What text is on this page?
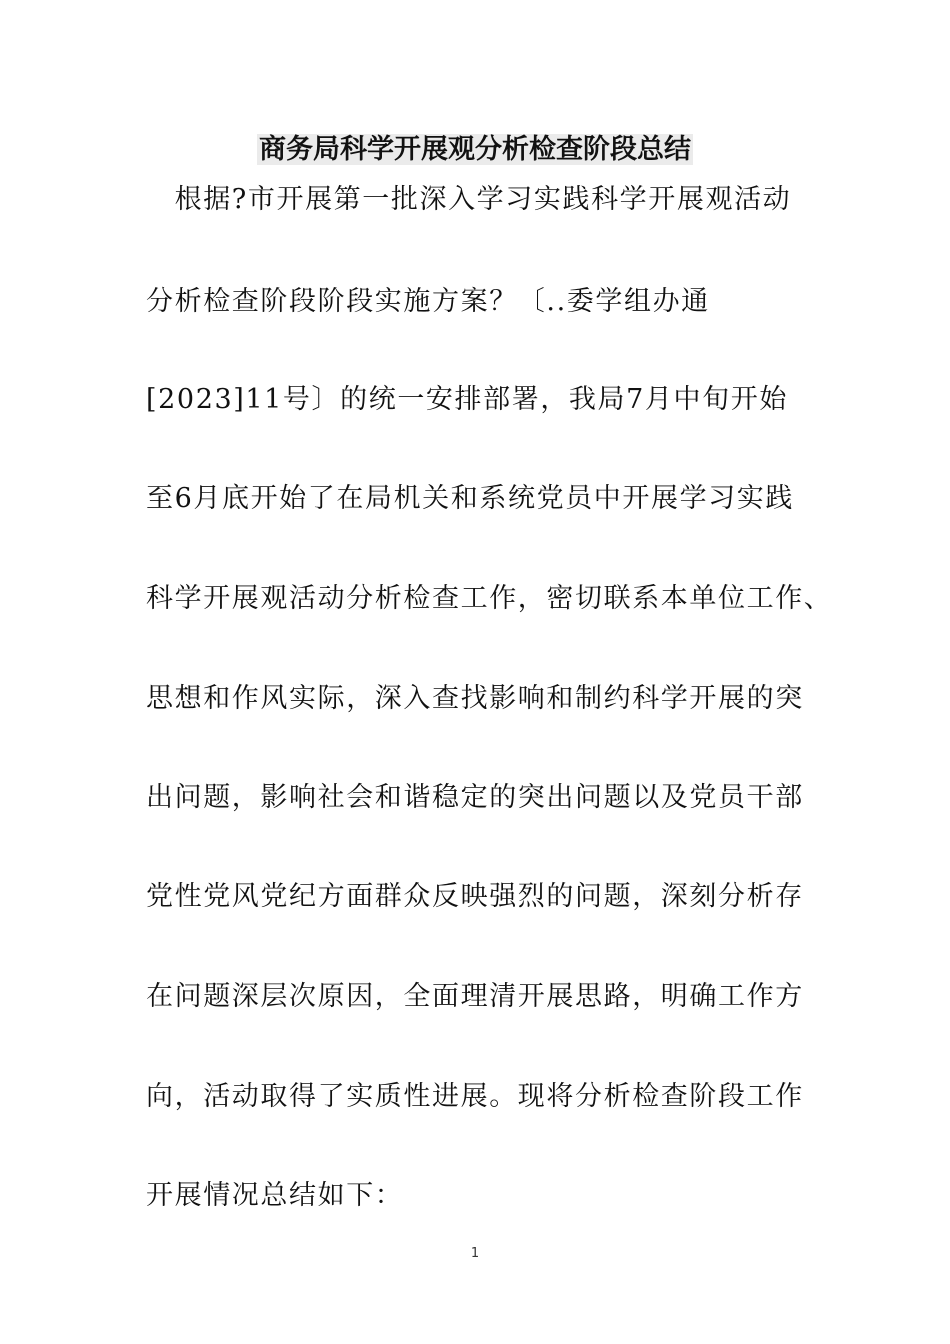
商务局科学开展观分析检查阶段总结
　根据?市开展第一批深入学习实践科学开展观活动
分析检查阶段阶段实施方案？〔..委学组办通
[2023]11号〕的统一安排部署，我局7月中旬开始
至6月底开始了在局机关和系统党员中开展学习实践
科学开展观活动分析检查工作，密切联系本单位工作、
思想和作风实际，深入查找影响和制约科学开展的突
出问题，影响社会和谐稳定的突出问题以及党员干部
党性党风党纪方面群众反映强烈的问题，深刻分析存
在问题深层次原因，全面理清开展思路，明确工作方
向，活动取得了实质性进展。现将分析检查阶段工作
开展情况总结如下：
1
